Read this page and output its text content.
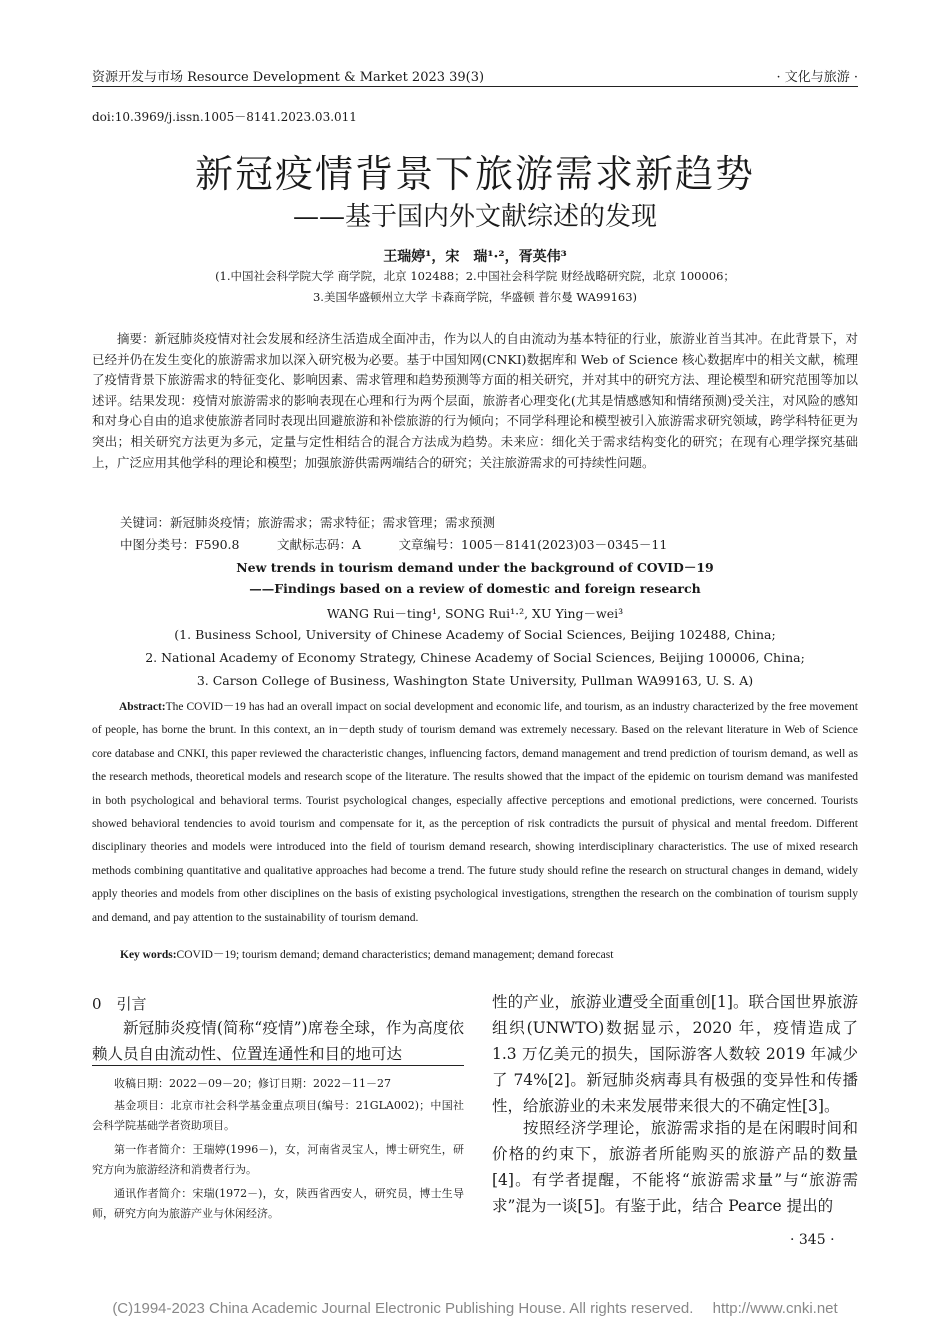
资源开发与市场 Resource Development & Market 2023 39(3)	· 文化与旅游 ·
doi:10.3969/j.issn.1005－8141.2023.03.011
新冠疫情背景下旅游需求新趋势
——基于国内外文献综述的发现
王瑞婷¹，宋　瑞¹·²，胥英伟³
(1.中国社会科学院大学 商学院，北京 102488；2.中国社会科学院 财经战略研究院，北京 100006；
3.美国华盛顿州立大学 卡森商学院，华盛顿 普尔曼 WA99163)
摘要：新冠肺炎疫情对社会发展和经济生活造成全面冲击，作为以人的自由流动为基本特征的行业，旅游业首当其冲。在此背景下，对已经并仍在发生变化的旅游需求加以深入研究极为必要。基于中国知网(CNKI)数据库和 Web of Science 核心数据库中的相关文献，梳理了疫情背景下旅游需求的特征变化、影响因素、需求管理和趋势预测等方面的相关研究，并对其中的研究方法、理论模型和研究范围等加以述评。结果发现：疫情对旅游需求的影响表现在心理和行为两个层面，旅游者心理变化(尤其是情感感知和情绪预测)受关注，对风险的感知和对身心自由的追求使旅游者同时表现出回避旅游和补偿旅游的行为倾向；不同学科理论和模型被引入旅游需求研究领域，跨学科特征更为突出；相关研究方法更为多元，定量与定性相结合的混合方法成为趋势。未来应：细化关于需求结构变化的研究；在现有心理学探究基础上，广泛应用其他学科的理论和模型；加强旅游供需两端结合的研究；关注旅游需求的可持续性问题。
关键词：新冠肺炎疫情；旅游需求；需求特征；需求管理；需求预测
中图分类号：F590.8　　　文献标志码：A　　　文章编号：1005－8141(2023)03－0345－11
New trends in tourism demand under the background of COVID－19
——Findings based on a review of domestic and foreign research
WANG Rui－ting¹, SONG Rui¹·², XU Ying－wei³
(1. Business School, University of Chinese Academy of Social Sciences, Beijing 102488, China;
2. National Academy of Economy Strategy, Chinese Academy of Social Sciences, Beijing 100006, China;
3. Carson College of Business, Washington State University, Pullman WA99163, U. S. A)
Abstract:The COVID－19 has had an overall impact on social development and economic life, and tourism, as an industry characterized by the free movement of people, has borne the brunt. In this context, an in－depth study of tourism demand was extremely necessary. Based on the relevant literature in Web of Science core database and CNKI, this paper reviewed the characteristic changes, influencing factors, demand management and trend prediction of tourism demand, as well as the research methods, theoretical models and research scope of the literature. The results showed that the impact of the epidemic on tourism demand was manifested in both psychological and behavioral terms. Tourist psychological changes, especially affective perceptions and emotional predictions, were concerned. Tourists showed behavioral tendencies to avoid tourism and compensate for it, as the perception of risk contradicts the pursuit of physical and mental freedom. Different disciplinary theories and models were introduced into the field of tourism demand research, showing interdisciplinary characteristics. The use of mixed research methods combining quantitative and qualitative approaches had become a trend. The future study should refine the research on structural changes in demand, widely apply theories and models from other disciplines on the basis of existing psychological investigations, strengthen the research on the combination of tourism supply and demand, and pay attention to the sustainability of tourism demand.
Key words:COVID－19; tourism demand; demand characteristics; demand management; demand forecast
0　引言
新冠肺炎疫情(简称“疫情”)席卷全球，作为高度依赖人员自由流动性、位置连通性和目的地可达
收稿日期：2022－09－20；修订日期：2022－11－27
基金项目：北京市社会科学基金重点项目(编号：21GLA002)；中国社会科学院基础学者资助项目。
第一作者简介：王瑞婷(1996－)，女，河南省灵宝人，博士研究生，研究方向为旅游经济和消费者行为。
通讯作者简介：宋瑞(1972－)，女，陕西省西安人，研究员，博士生导师，研究方向为旅游产业与休闲经济。
性的产业，旅游业遭受全面重创[1]。联合国世界旅游组织(UNWTO)数据显示，2020 年，疫情造成了 1.3 万亿美元的损失，国际游客人数较 2019 年减少了 74%[2]。新冠肺炎病毒具有极强的变异性和传播性，给旅游业的未来发展带来很大的不确定性[3]。
按照经济学理论，旅游需求指的是在闲暇时间和价格的约束下，旅游者所能购买的旅游产品的数量[4]。有学者提醒，不能将“旅游需求量”与“旅游需求”混为一谈[5]。有鉴于此，结合 Pearce 提出的
· 345 ·
(C)1994-2023 China Academic Journal Electronic Publishing House. All rights reserved.　 http://www.cnki.net
